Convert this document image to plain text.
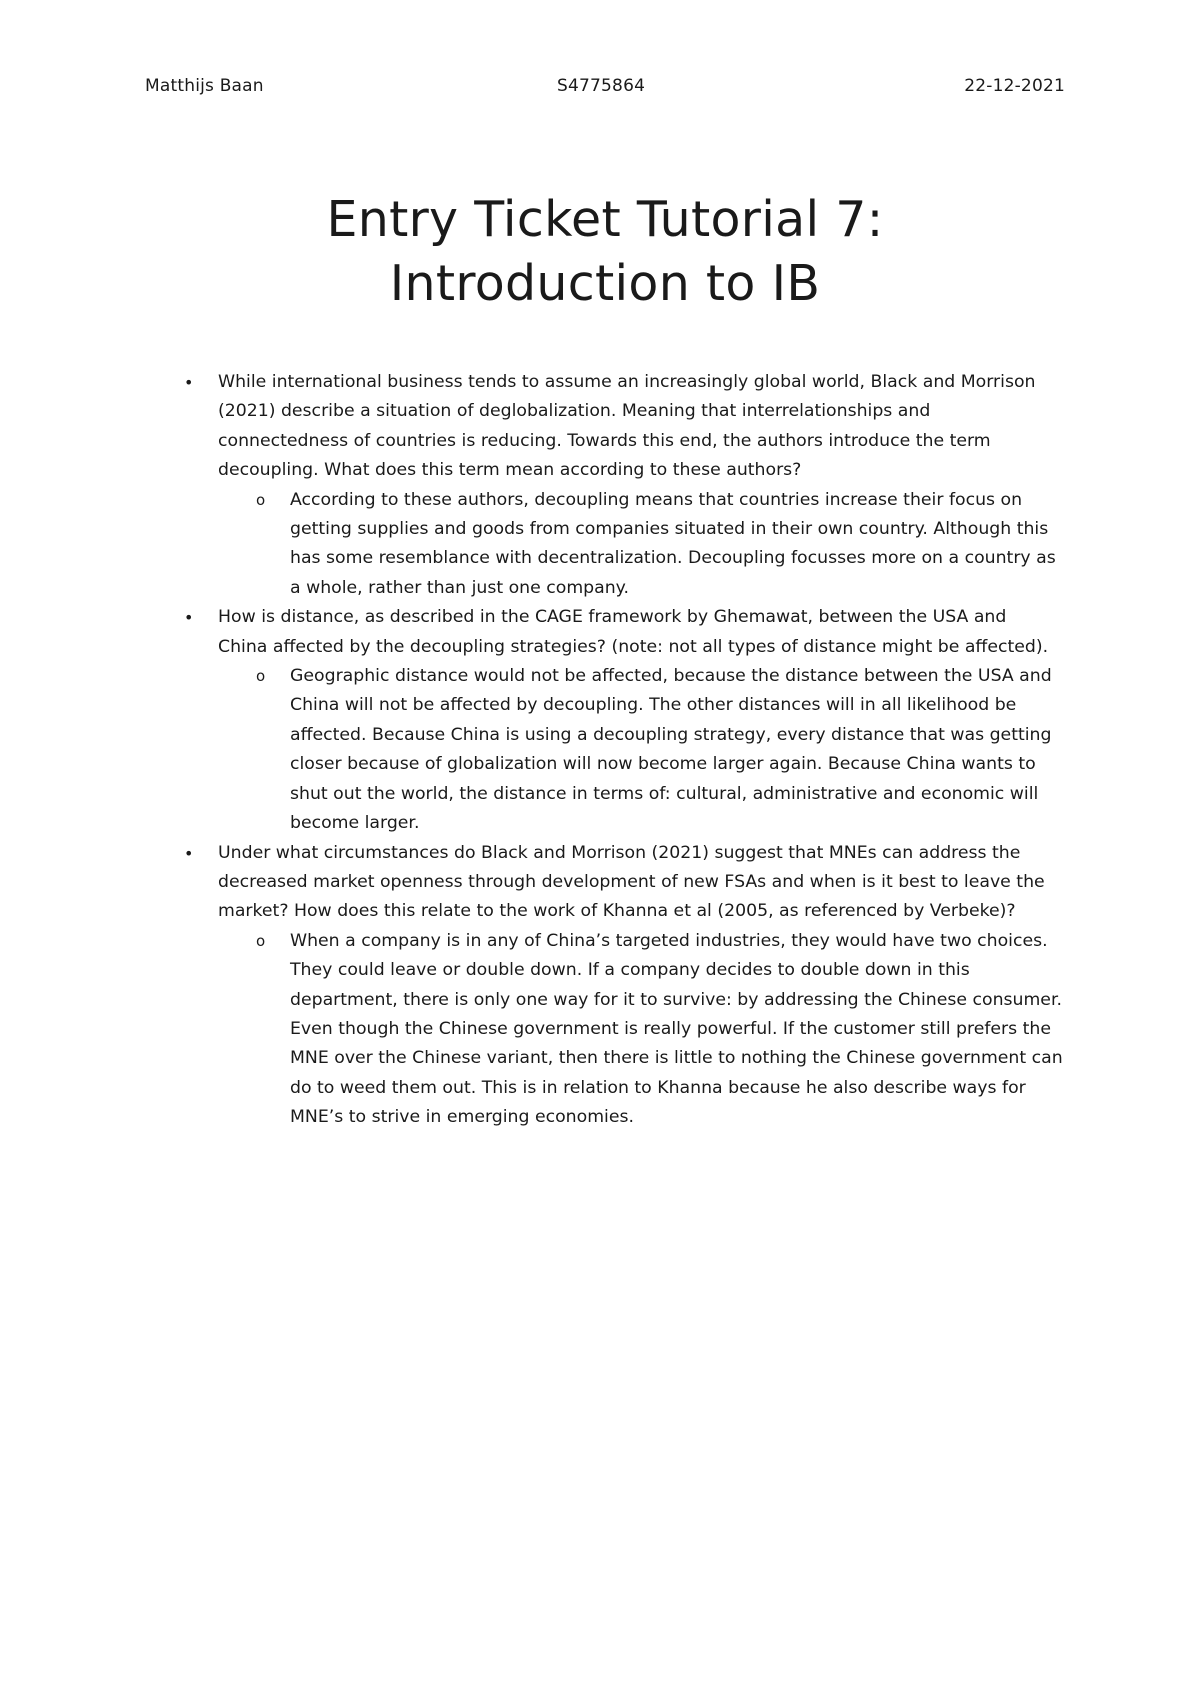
Matthijs Baan	S4775864	22-12-2021
Entry Ticket Tutorial 7:
Introduction to IB
• While international business tends to assume an increasingly global world, Black and Morrison (2021) describe a situation of deglobalization. Meaning that interrelationships and connectedness of countries is reducing. Towards this end, the authors introduce the term decoupling. What does this term mean according to these authors?
o According to these authors, decoupling means that countries increase their focus on getting supplies and goods from companies situated in their own country. Although this has some resemblance with decentralization. Decoupling focusses more on a country as a whole, rather than just one company.
• How is distance, as described in the CAGE framework by Ghemawat, between the USA and China affected by the decoupling strategies? (note: not all types of distance might be affected).
o Geographic distance would not be affected, because the distance between the USA and China will not be affected by decoupling. The other distances will in all likelihood be affected. Because China is using a decoupling strategy, every distance that was getting closer because of globalization will now become larger again. Because China wants to shut out the world, the distance in terms of: cultural, administrative and economic will become larger.
• Under what circumstances do Black and Morrison (2021) suggest that MNEs can address the decreased market openness through development of new FSAs and when is it best to leave the market? How does this relate to the work of Khanna et al (2005, as referenced by Verbeke)?
o When a company is in any of China’s targeted industries, they would have two choices. They could leave or double down. If a company decides to double down in this department, there is only one way for it to survive: by addressing the Chinese consumer. Even though the Chinese government is really powerful. If the customer still prefers the MNE over the Chinese variant, then there is little to nothing the Chinese government can do to weed them out. This is in relation to Khanna because he also describe ways for MNE’s to strive in emerging economies.
